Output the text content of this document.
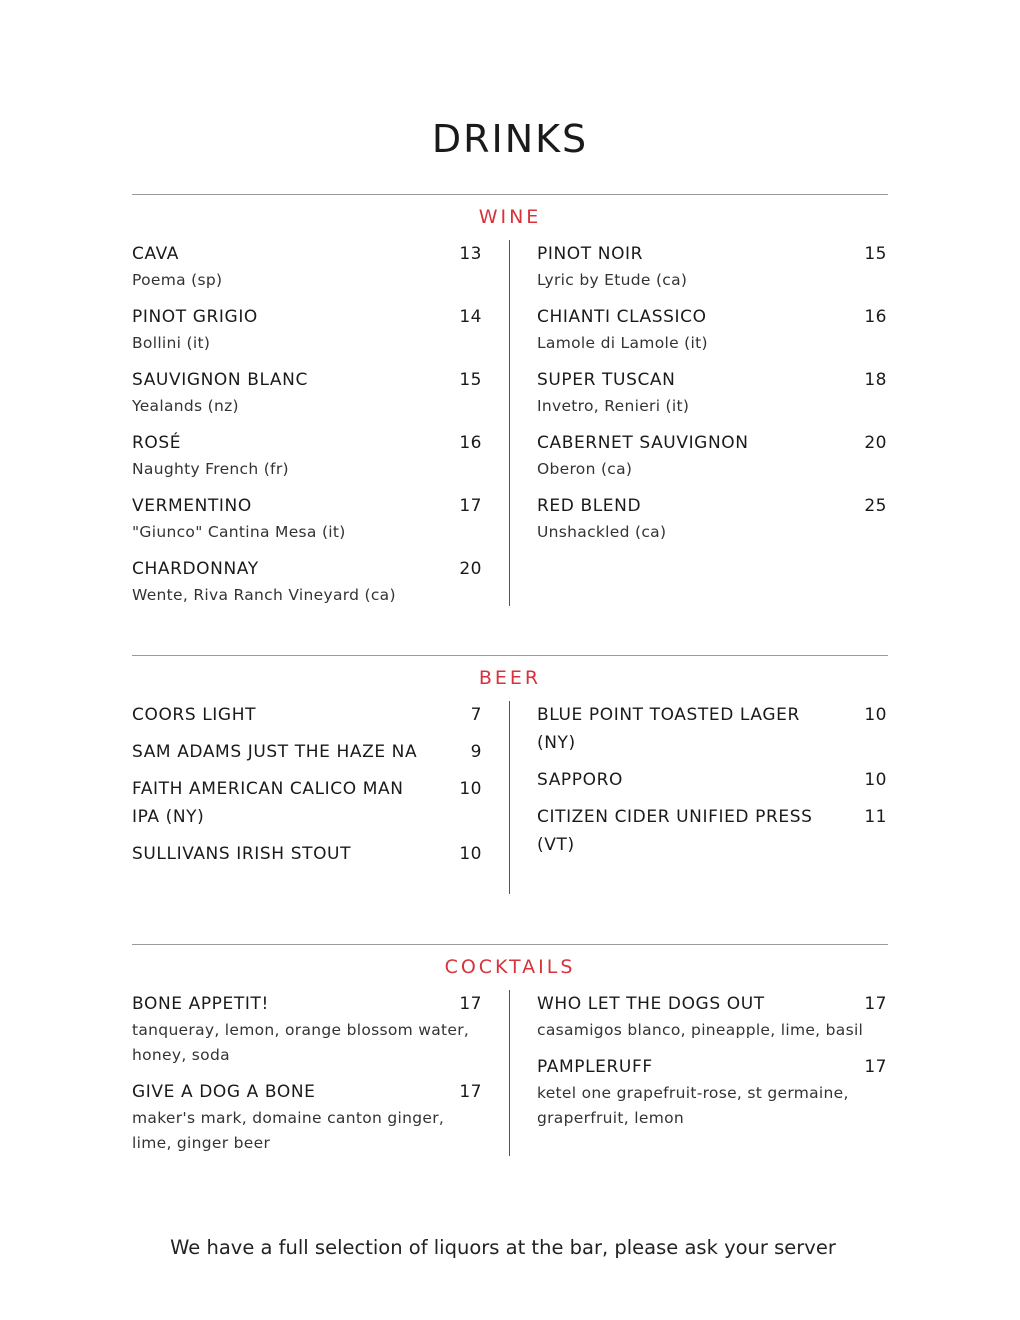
DRINKS
WINE
CAVA	13
Poema (sp)
PINOT GRIGIO	14
Bollini (it)
SAUVIGNON BLANC	15
Yealands (nz)
ROSÉ	16
Naughty French (fr)
VERMENTINO	17
"Giunco" Cantina Mesa (it)
CHARDONNAY	20
Wente, Riva Ranch Vineyard (ca)
PINOT NOIR	15
Lyric by Etude (ca)
CHIANTI CLASSICO	16
Lamole di Lamole (it)
SUPER TUSCAN	18
Invetro, Renieri (it)
CABERNET SAUVIGNON	20
Oberon (ca)
RED BLEND	25
Unshackled (ca)
BEER
COORS LIGHT	7
SAM ADAMS JUST THE HAZE NA	9
FAITH AMERICAN CALICO MAN IPA (NY)
10
SULLIVANS IRISH STOUT	10
BLUE POINT TOASTED LAGER (NY)
10
SAPPORO	10
CITIZEN CIDER UNIFIED PRESS (VT)
11
COCKTAILS
BONE APPETIT!	17
tanqueray, lemon, orange blossom water, honey, soda
GIVE A DOG A BONE	17
maker's mark, domaine canton ginger, lime, ginger beer
WHO LET THE DOGS OUT	17
casamigos blanco, pineapple, lime, basil
PAMPLERUFF	17
ketel one grapefruit-rose, st germaine, graperfruit, lemon
We have a full selection of liquors at the bar, please ask your server
